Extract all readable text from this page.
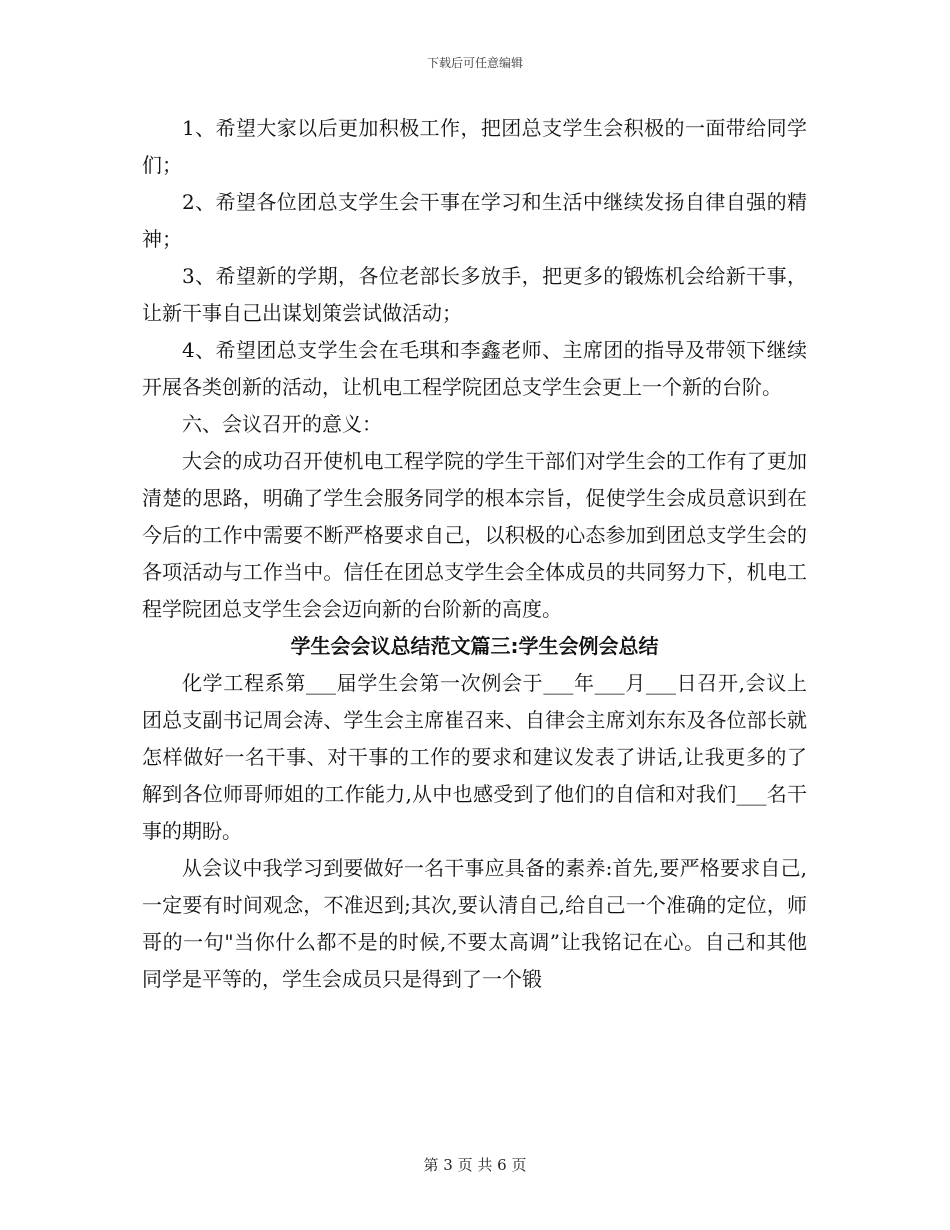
下载后可任意编辑

1、希望大家以后更加积极工作，把团总支学生会积极的一面带给同学们；

2、希望各位团总支学生会干事在学习和生活中继续发扬自律自强的精神；

3、希望新的学期，各位老部长多放手，把更多的锻炼机会给新干事，让新干事自己出谋划策尝试做活动；

4、希望团总支学生会在毛琪和李鑫老师、主席团的指导及带领下继续开展各类创新的活动，让机电工程学院团总支学生会更上一个新的台阶。

六、会议召开的意义：

大会的成功召开使机电工程学院的学生干部们对学生会的工作有了更加清楚的思路，明确了学生会服务同学的根本宗旨，促使学生会成员意识到在今后的工作中需要不断严格要求自己，以积极的心态参加到团总支学生会的各项活动与工作当中。信任在团总支学生会全体成员的共同努力下，机电工程学院团总支学生会会迈向新的台阶新的高度。

学生会会议总结范文篇三:学生会例会总结

化学工程系第___届学生会第一次例会于___年___月___日召开,会议上团总支副书记周会涛、学生会主席崔召来、自律会主席刘东东及各位部长就怎样做好一名干事、对干事的工作的要求和建议发表了讲话,让我更多的了解到各位师哥师姐的工作能力,从中也感受到了他们的自信和对我们___名干事的期盼。

从会议中我学习到要做好一名干事应具备的素养:首先,要严格要求自己,一定要有时间观念，不准迟到;其次,要认清自己,给自己一个准确的定位，师哥的一句"当你什么都不是的时候,不要太高调”让我铭记在心。自己和其他同学是平等的，学生会成员只是得到了一个锻

第 3 页 共 6 页
